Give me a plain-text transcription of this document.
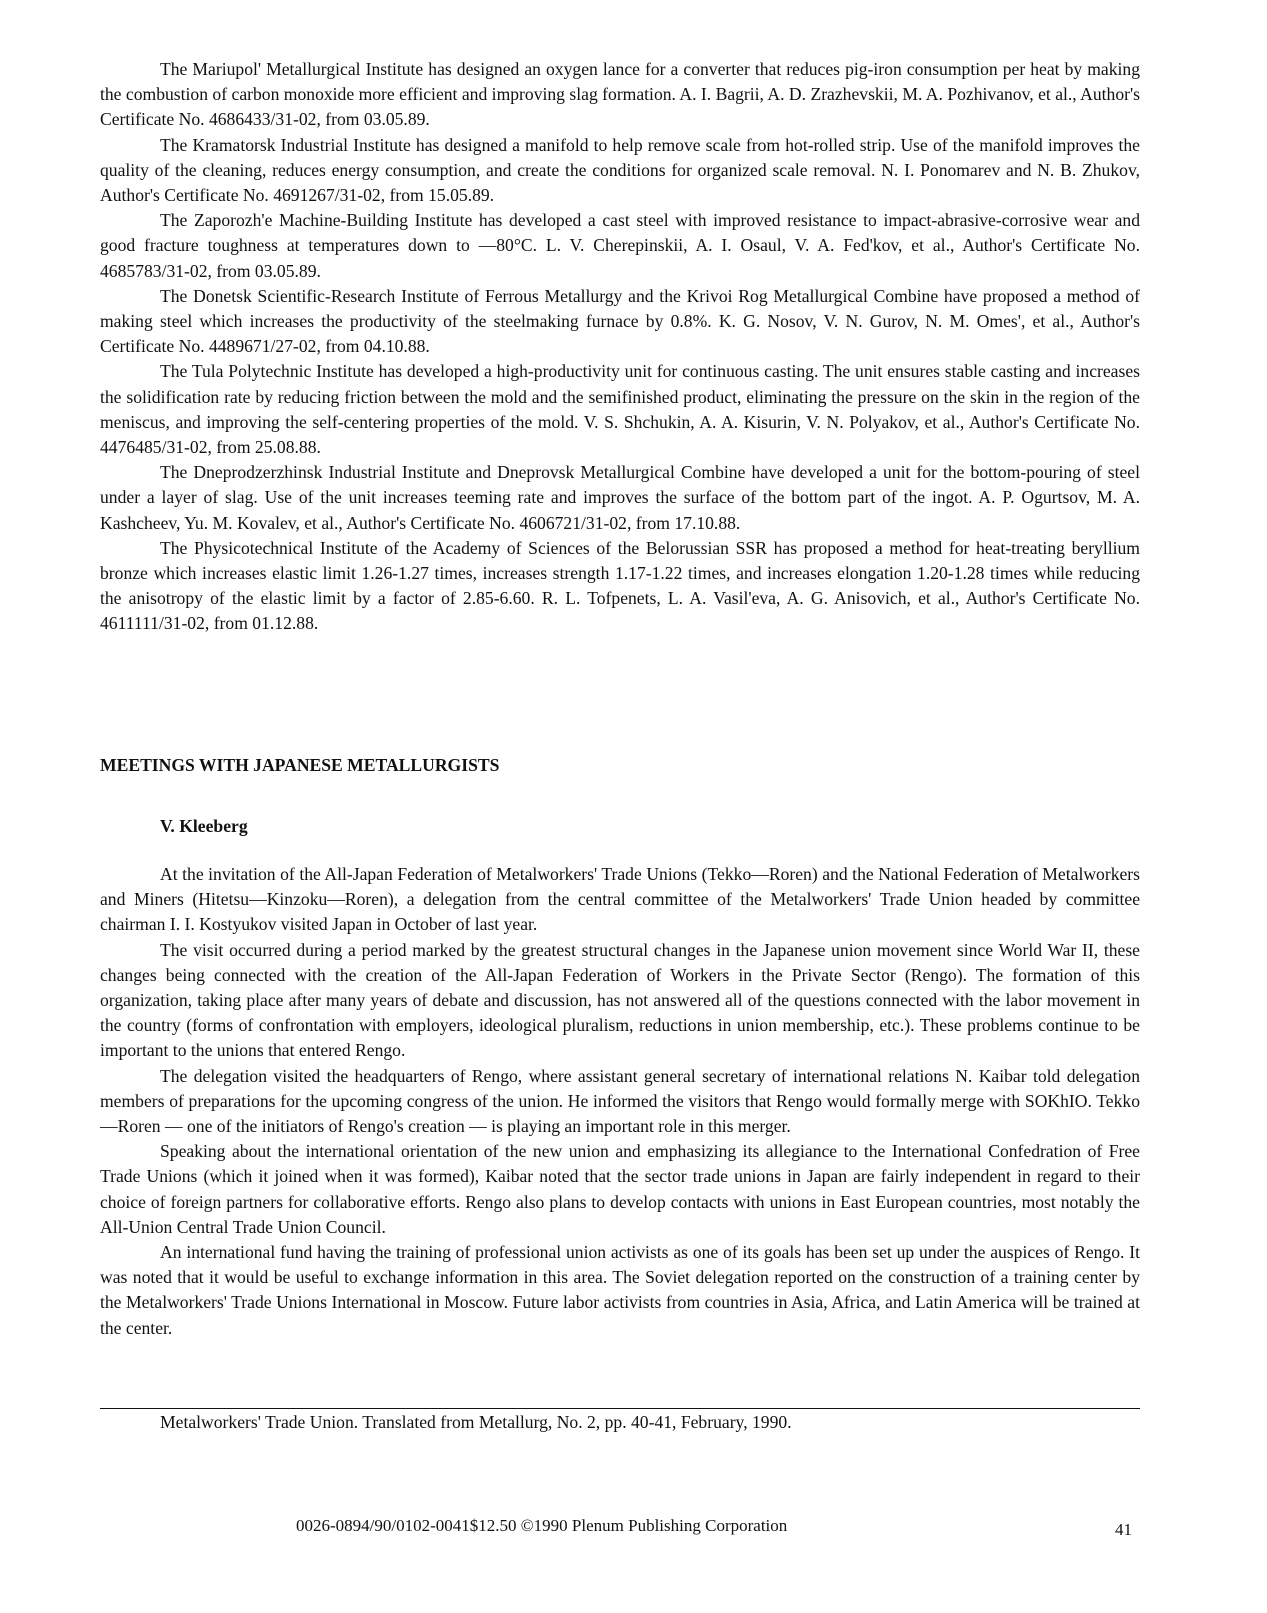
The Mariupol' Metallurgical Institute has designed an oxygen lance for a converter that reduces pig-iron consumption per heat by making the combustion of carbon monoxide more efficient and improving slag formation. A. I. Bagrii, A. D. Zrazhevskii, M. A. Pozhivanov, et al., Author's Certificate No. 4686433/31-02, from 03.05.89.

The Kramatorsk Industrial Institute has designed a manifold to help remove scale from hot-rolled strip. Use of the manifold improves the quality of the cleaning, reduces energy consumption, and create the conditions for organized scale removal. N. I. Ponomarev and N. B. Zhukov, Author's Certificate No. 4691267/31-02, from 15.05.89.

The Zaporozh'e Machine-Building Institute has developed a cast steel with improved resistance to impact-abrasive-corrosive wear and good fracture toughness at temperatures down to —80°C. L. V. Cherepinskii, A. I. Osaul, V. A. Fed'kov, et al., Author's Certificate No. 4685783/31-02, from 03.05.89.

The Donetsk Scientific-Research Institute of Ferrous Metallurgy and the Krivoi Rog Metallurgical Combine have proposed a method of making steel which increases the productivity of the steelmaking furnace by 0.8%. K. G. Nosov, V. N. Gurov, N. M. Omes', et al., Author's Certificate No. 4489671/27-02, from 04.10.88.

The Tula Polytechnic Institute has developed a high-productivity unit for continuous casting. The unit ensures stable casting and increases the solidification rate by reducing friction between the mold and the semifinished product, eliminating the pressure on the skin in the region of the meniscus, and improving the self-centering properties of the mold. V. S. Shchukin, A. A. Kisurin, V. N. Polyakov, et al., Author's Certificate No. 4476485/31-02, from 25.08.88.

The Dneprodzerzhinsk Industrial Institute and Dneprovsk Metallurgical Combine have developed a unit for the bottom-pouring of steel under a layer of slag. Use of the unit increases teeming rate and improves the surface of the bottom part of the ingot. A. P. Ogurtsov, M. A. Kashcheev, Yu. M. Kovalev, et al., Author's Certificate No. 4606721/31-02, from 17.10.88.

The Physicotechnical Institute of the Academy of Sciences of the Belorussian SSR has proposed a method for heat-treating beryllium bronze which increases elastic limit 1.26-1.27 times, increases strength 1.17-1.22 times, and increases elongation 1.20-1.28 times while reducing the anisotropy of the elastic limit by a factor of 2.85-6.60. R. L. Tofpenets, L. A. Vasil'eva, A. G. Anisovich, et al., Author's Certificate No. 4611111/31-02, from 01.12.88.

MEETINGS WITH JAPANESE METALLURGISTS
V. Kleeberg

At the invitation of the All-Japan Federation of Metalworkers' Trade Unions (Tekko—Roren) and the National Federation of Metalworkers and Miners (Hitetsu—Kinzoku—Roren), a delegation from the central committee of the Metalworkers' Trade Union headed by committee chairman I. I. Kostyukov visited Japan in October of last year.

The visit occurred during a period marked by the greatest structural changes in the Japanese union movement since World War II, these changes being connected with the creation of the All-Japan Federation of Workers in the Private Sector (Rengo). The formation of this organization, taking place after many years of debate and discussion, has not answered all of the questions connected with the labor movement in the country (forms of confrontation with employers, ideological pluralism, reductions in union membership, etc.). These problems continue to be important to the unions that entered Rengo.

The delegation visited the headquarters of Rengo, where assistant general secretary of international relations N. Kaibar told delegation members of preparations for the upcoming congress of the union. He informed the visitors that Rengo would formally merge with SOKhIO. Tekko—Roren — one of the initiators of Rengo's creation — is playing an important role in this merger.

Speaking about the international orientation of the new union and emphasizing its allegiance to the International Confedration of Free Trade Unions (which it joined when it was formed), Kaibar noted that the sector trade unions in Japan are fairly independent in regard to their choice of foreign partners for collaborative efforts. Rengo also plans to develop contacts with unions in East European countries, most notably the All-Union Central Trade Union Council.

An international fund having the training of professional union activists as one of its goals has been set up under the auspices of Rengo. It was noted that it would be useful to exchange information in this area. The Soviet delegation reported on the construction of a training center by the Metalworkers' Trade Unions International in Moscow. Future labor activists from countries in Asia, Africa, and Latin America will be trained at the center.

Metalworkers' Trade Union. Translated from Metallurg, No. 2, pp. 40-41, February, 1990.
0026-0894/90/0102-0041$12.50 ©1990 Plenum Publishing Corporation	41
